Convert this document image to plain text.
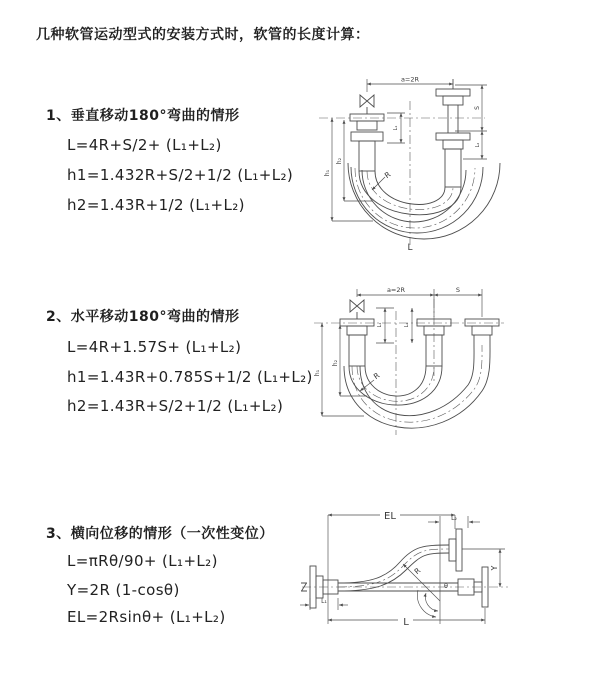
几种软管运动型式的安装方式时，软管的长度计算：
1、垂直移动180°弯曲的情形
L=4R+S/2+ (L₁+L₂)
h1=1.432R+S/2+1/2 (L₁+L₂)
h2=1.43R+1/2 (L₁+L₂)
2、水平移动180°弯曲的情形
L=4R+1.57S+ (L₁+L₂)
h1=1.43R+0.785S+1/2 (L₁+L₂)
h2=1.43R+S/2+1/2 (L₁+L₂)
3、横向位移的情形（一次性变位）
L=πRθ/90+ (L₁+L₂)
Y=2R (1-cosθ)
EL=2Rsinθ+ (L₁+L₂)
a=2R
R
L
h₁
h₂
L₁
S
L₂
a=2R	S
R
h₁
h₂
L₁	L₂
EL	L₂
Y
R
θ
L
L₁
